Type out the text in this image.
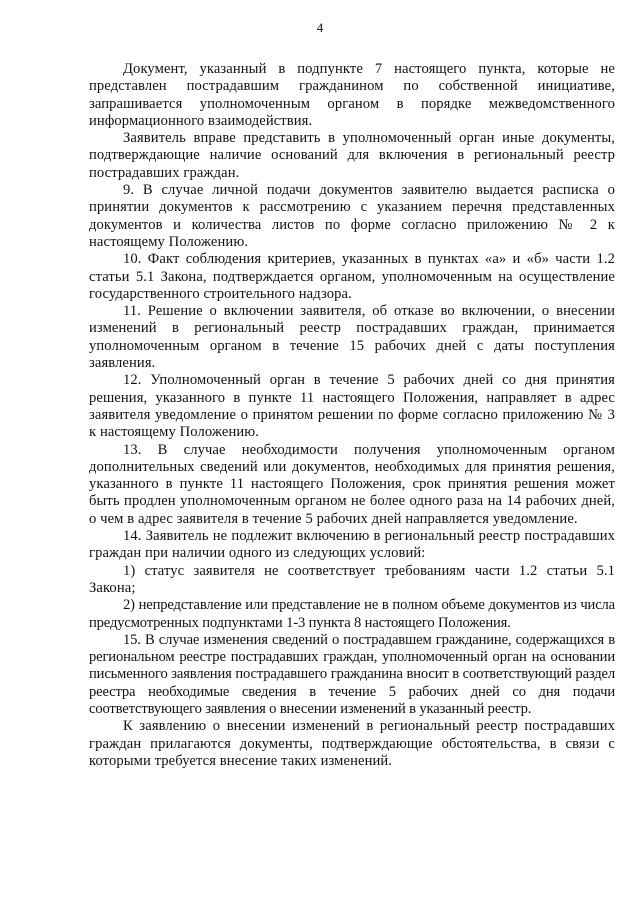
4

Документ, указанный в подпункте 7 настоящего пункта, которые не представлен пострадавшим гражданином по собственной инициативе, запрашивается уполномоченным органом в порядке межведомственного информационного взаимодействия.

Заявитель вправе представить в уполномоченный орган иные документы, подтверждающие наличие оснований для включения в региональный реестр пострадавших граждан.

9. В случае личной подачи документов заявителю выдается расписка о принятии документов к рассмотрению с указанием перечня представленных документов и количества листов по форме согласно приложению № 2 к настоящему Положению.

10. Факт соблюдения критериев, указанных в пунктах «а» и «б» части 1.2 статьи 5.1 Закона, подтверждается органом, уполномоченным на осуществление государственного строительного надзора.

11. Решение о включении заявителя, об отказе во включении, о внесении изменений в региональный реестр пострадавших граждан, принимается уполномоченным органом в течение 15 рабочих дней с даты поступления заявления.

12. Уполномоченный орган в течение 5 рабочих дней со дня принятия решения, указанного в пункте 11 настоящего Положения, направляет в адрес заявителя уведомление о принятом решении по форме согласно приложению № 3 к настоящему Положению.

13. В случае необходимости получения уполномоченным органом дополнительных сведений или документов, необходимых для принятия решения, указанного в пункте 11 настоящего Положения, срок принятия решения может быть продлен уполномоченным органом не более одного раза на 14 рабочих дней, о чем в адрес заявителя в течение 5 рабочих дней направляется уведомление.

14. Заявитель не подлежит включению в региональный реестр пострадавших граждан при наличии одного из следующих условий:

1) статус заявителя не соответствует требованиям части 1.2 статьи 5.1 Закона;

2) непредставление или представление не в полном объеме документов из числа предусмотренных подпунктами 1-3 пункта 8 настоящего Положения.

15. В случае изменения сведений о пострадавшем гражданине, содержащихся в региональном реестре пострадавших граждан, уполномоченный орган на основании письменного заявления пострадавшего гражданина вносит в соответствующий раздел реестра необходимые сведения в течение 5 рабочих дней со дня подачи соответствующего заявления о внесении изменений в указанный реестр.

К заявлению о внесении изменений в региональный реестр пострадавших граждан прилагаются документы, подтверждающие обстоятельства, в связи с которыми требуется внесение таких изменений.
